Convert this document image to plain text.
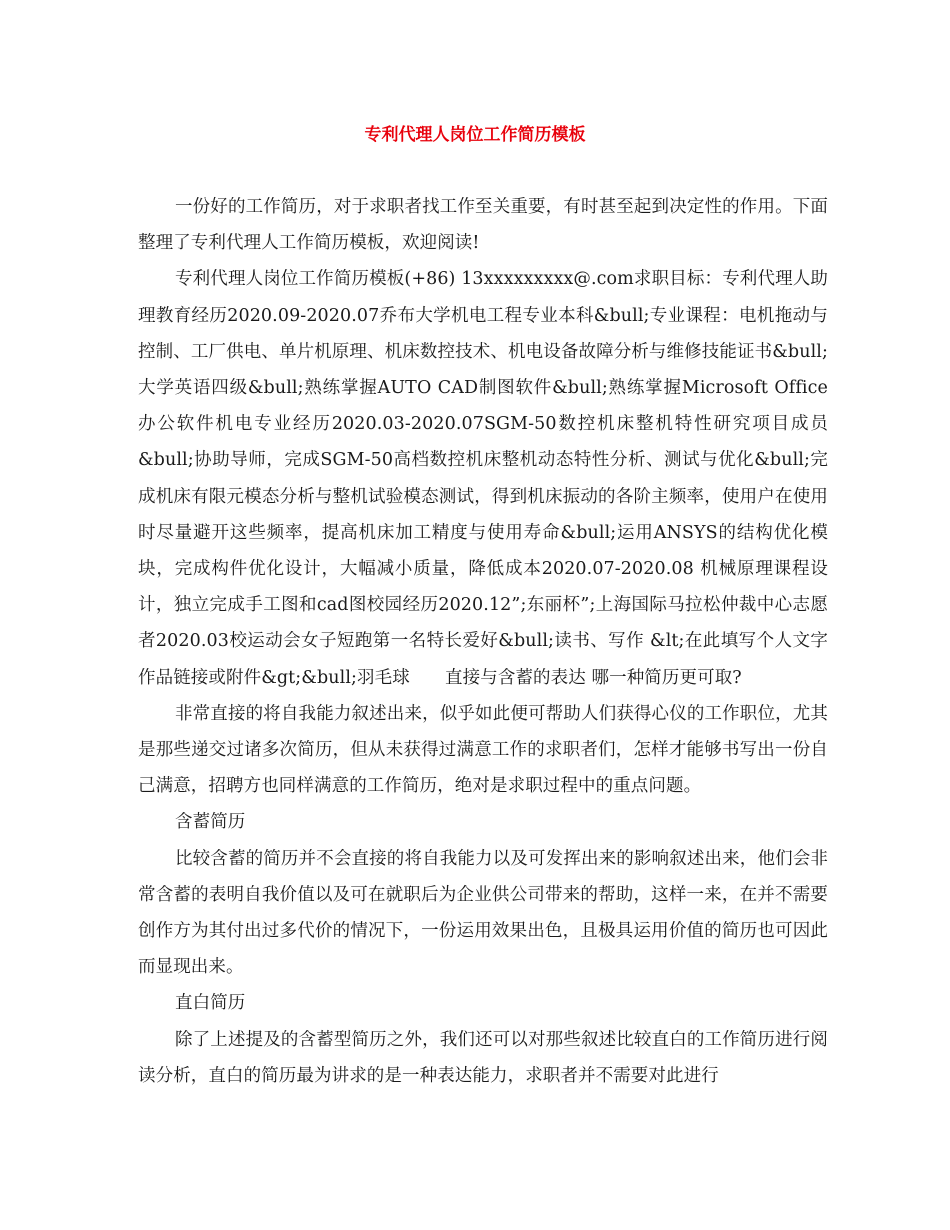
专利代理人岗位工作简历模板

一份好的工作简历，对于求职者找工作至关重要，有时甚至起到决定性的作用。下面整理了专利代理人工作简历模板，欢迎阅读!

专利代理人岗位工作简历模板(+86) 13xxxxxxxxx@.com求职目标：专利代理人助理教育经历2020.09-2020.07乔布大学机电工程专业本科&bull;专业课程：电机拖动与控制、工厂供电、单片机原理、机床数控技术、机电设备故障分析与维修技能证书&bull;大学英语四级&bull;熟练掌握AUTO CAD制图软件&bull;熟练掌握Microsoft Office办公软件机电专业经历2020.03-2020.07SGM-50数控机床整机特性研究项目成员&bull;协助导师，完成SGM-50高档数控机床整机动态特性分析、测试与优化&bull;完成机床有限元模态分析与整机试验模态测试，得到机床振动的各阶主频率，使用户在使用时尽量避开这些频率，提高机床加工精度与使用寿命&bull;运用ANSYS的结构优化模块，完成构件优化设计，大幅减小质量，降低成本2020.07-2020.08 机械原理课程设计，独立完成手工图和cad图校园经历2020.12”;东丽杯”;上海国际马拉松仲裁中心志愿者2020.03校运动会女子短跑第一名特长爱好&bull;读书、写作 &lt;在此填写个人文字作品链接或附件&gt;&bull;羽毛球　　直接与含蓄的表达 哪一种简历更可取?

非常直接的将自我能力叙述出来，似乎如此便可帮助人们获得心仪的工作职位，尤其是那些递交过诸多次简历，但从未获得过满意工作的求职者们，怎样才能够书写出一份自己满意，招聘方也同样满意的工作简历，绝对是求职过程中的重点问题。

含蓄简历

比较含蓄的简历并不会直接的将自我能力以及可发挥出来的影响叙述出来，他们会非常含蓄的表明自我价值以及可在就职后为企业供公司带来的帮助，这样一来，在并不需要创作方为其付出过多代价的情况下，一份运用效果出色，且极具运用价值的简历也可因此而显现出来。

直白简历

除了上述提及的含蓄型简历之外，我们还可以对那些叙述比较直白的工作简历进行阅读分析，直白的简历最为讲求的是一种表达能力，求职者并不需要对此进行
